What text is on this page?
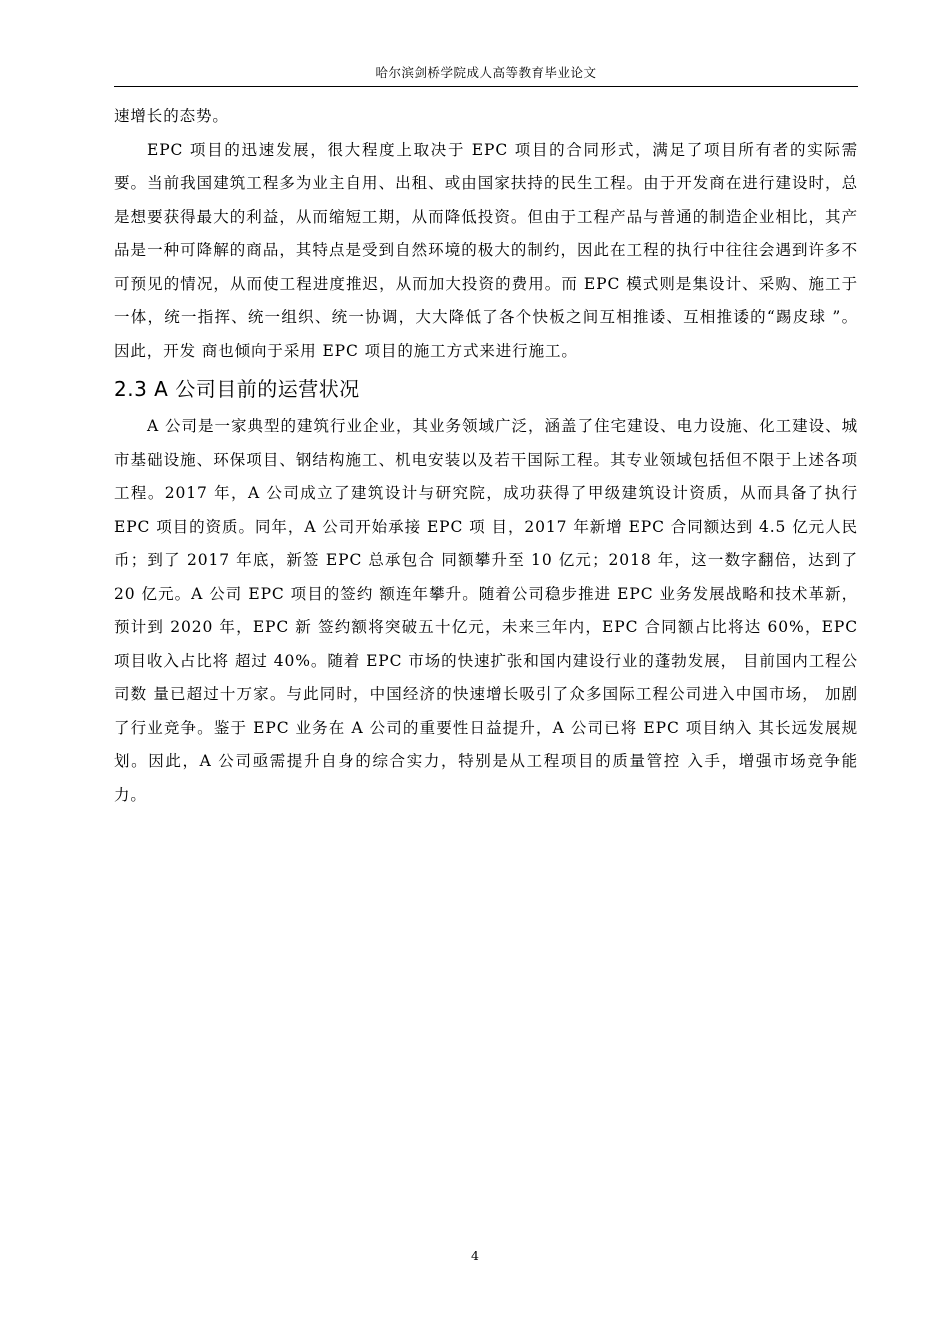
哈尔滨剑桥学院成人高等教育毕业论文

速增长的态势。

EPC 项目的迅速发展，很大程度上取决于 EPC 项目的合同形式，满足了项目所有者的实际需要。当前我国建筑工程多为业主自用、出租、或由国家扶持的民生工程。由于开发商在进行建设时，总是想要获得最大的利益，从而缩短工期，从而降低投资。但由于工程产品与普通的制造企业相比，其产品是一种可降解的商品，其特点是受到自然环境的极大的制约，因此在工程的执行中往往会遇到许多不可预见的情况，从而使工程进度推迟，从而加大投资的费用。而 EPC 模式则是集设计、采购、施工于一体，统一指挥、统一组织、统一协调，大大降低了各个快板之间互相推诿、互相推诿的“踢皮球 ”。因此，开发 商也倾向于采用 EPC 项目的施工方式来进行施工。

2.3 A 公司目前的运营状况

A 公司是一家典型的建筑行业企业，其业务领域广泛，涵盖了住宅建设、电力设施、化工建设、城市基础设施、环保项目、钢结构施工、机电安装以及若干国际工程。其专业领域包括但不限于上述各项工程。2017 年，A 公司成立了建筑设计与研究院，成功获得了甲级建筑设计资质，从而具备了执行 EPC 项目的资质。同年，A 公司开始承接 EPC 项 目，2017 年新增 EPC 合同额达到 4.5 亿元人民币；到了 2017 年底，新签 EPC 总承包合 同额攀升至 10 亿元；2018 年，这一数字翻倍，达到了 20 亿元。A 公司 EPC 项目的签约 额连年攀升。随着公司稳步推进 EPC 业务发展战略和技术革新，预计到 2020 年，EPC 新 签约额将突破五十亿元，未来三年内，EPC 合同额占比将达 60%，EPC 项目收入占比将 超过 40%。随着 EPC 市场的快速扩张和国内建设行业的蓬勃发展， 目前国内工程公司数 量已超过十万家。与此同时，中国经济的快速增长吸引了众多国际工程公司进入中国市场， 加剧了行业竞争。鉴于 EPC 业务在 A 公司的重要性日益提升，A 公司已将 EPC 项目纳入 其长远发展规划。因此，A 公司亟需提升自身的综合实力，特别是从工程项目的质量管控 入手，增强市场竞争能力。

4
